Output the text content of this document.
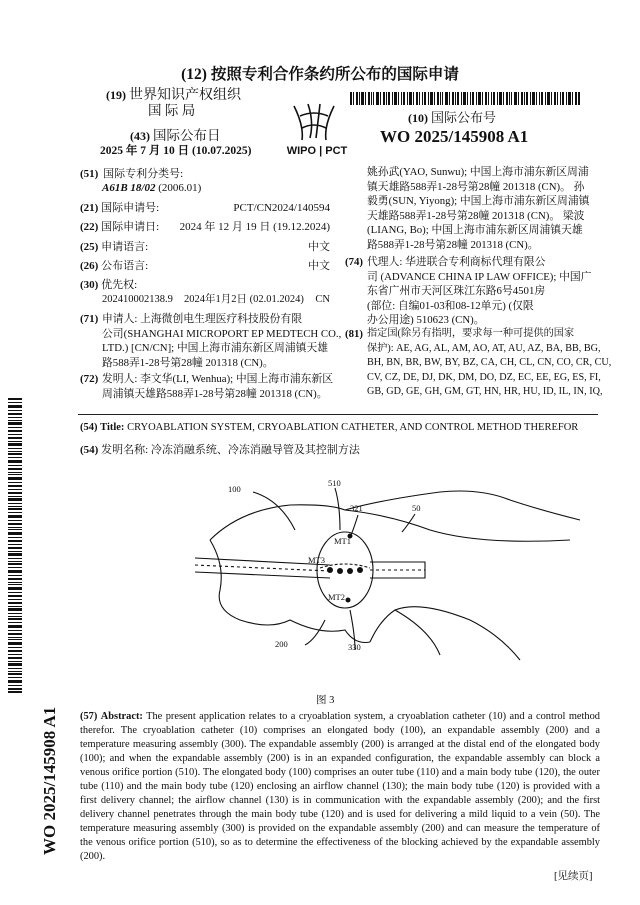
(12) 按照专利合作条约所公布的国际申请
(19) 世界知识产权组织
国 际 局
(43) 国际公布日
2025 年 7 月 10 日 (10.07.2025)	WIPO | PCT
(10) 国际公布号
WO 2025/145908 A1
WO 2025/145908 A1
(51) 国际专利分类号:
A61B 18/02 (2006.01)
(21) 国际申请号:	PCT/CN2024/140594
(22) 国际申请日: 2024 年 12 月 19 日 (19.12.2024)
(25) 申请语言:	中文
(26) 公布语言:	中文
(30) 优先权:
202410002138.9 2024年1月2日 (02.01.2024) CN
(71) 申请人: 上海微创电生理医疗科技股份有限
公司(SHANGHAI MICROPORT EP MEDTECH CO.,
LTD.) [CN/CN]; 中国上海市浦东新区周浦镇天雄
路588弄1-28号第28幢 201318 (CN)。
(72) 发明人: 李文华(LI, Wenhua); 中国上海市浦东新区
周浦镇天雄路588弄1-28号第28幢 201318 (CN)。
姚孙武(YAO, Sunwu); 中国上海市浦东新区周浦
镇天雄路588弄1-28号第28幢 201318 (CN)。 孙
毅勇(SUN, Yiyong); 中国上海市浦东新区周浦镇
天雄路588弄1-28号第28幢 201318 (CN)。 梁波
(LIANG, Bo); 中国上海市浦东新区周浦镇天雄
路588弄1-28号第28幢 201318 (CN)。
(74) 代理人: 华进联合专利商标代理有限公
司 (ADVANCE CHINA IP LAW OFFICE); 中国广
东省广州市天河区珠江东路6号4501房
(部位: 自编01-03和08-12单元) (仅限
办公用途) 510623 (CN)。
(81) 指定国(除另有指明，要求每一种可提供的国家
保护): AE, AG, AL, AM, AO, AT, AU, AZ, BA, BB, BG,
BH, BN, BR, BW, BY, BZ, CA, CH, CL, CN, CO, CR, CU,
CV, CZ, DE, DJ, DK, DM, DO, DZ, EC, EE, EG, ES, FI,
GB, GD, GE, GH, GM, GT, HN, HR, HU, ID, IL, IN, IQ,
(54) Title: CRYOABLATION SYSTEM, CRYOABLATION CATHETER, AND CONTROL METHOD THEREFOR
(54) 发明名称: 冷冻消融系统、冷冻消融导管及其控制方法
100
510
321	50
MT1
MT3
MT2
200	330
图 3
(57) Abstract: The present application relates to a cryoablation system, a cryoablation catheter (10) and a control method therefor. The cryoablation catheter (10) comprises an elongated body (100), an expandable assembly (200) and a temperature measuring assembly (300). The expandable assembly (200) is arranged at the distal end of the elongated body (100); and when the expandable assembly (200) is in an expanded configuration, the expandable assembly can block a venous orifice portion (510). The elongated body (100) comprises an outer tube (110) and a main body tube (120), the outer tube (110) and the main body tube (120) enclosing an airflow channel (130); the main body tube (120) is provided with a first delivery channel; the airflow channel (130) is in communication with the expandable assembly (200); and the first delivery channel penetrates through the main body tube (120) and is used for delivering a mild liquid to a vein (50). The temperature measuring assembly (300) is provided on the expandable assembly (200) and can measure the temperature of the venous orifice portion (510), so as to determine the effectiveness of the blocking achieved by the expandable assembly (200).
[见续页]
